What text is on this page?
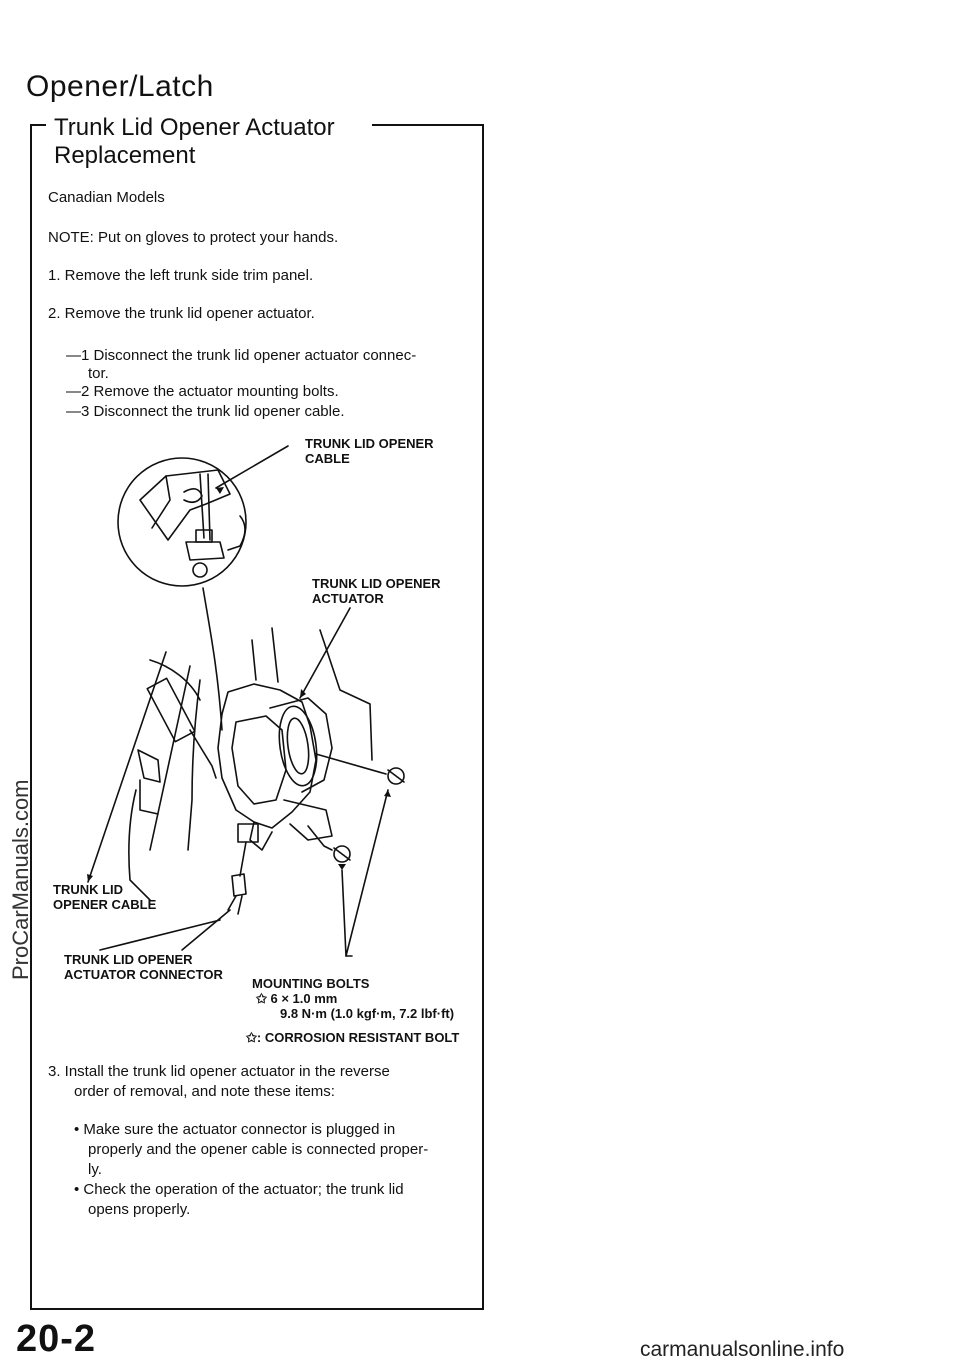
Opener/Latch
Trunk Lid Opener Actuator
Replacement
Canadian Models
NOTE: Put on gloves to protect your hands.
1. Remove the left trunk side trim panel.
2. Remove the trunk lid opener actuator.
—1 Disconnect the trunk lid opener actuator connec-
tor.
—2 Remove the actuator mounting bolts.
—3 Disconnect the trunk lid opener cable.
TRUNK LID OPENER
CABLE
TRUNK LID OPENER
ACTUATOR
TRUNK LID
OPENER CABLE
TRUNK LID OPENER
ACTUATOR CONNECTOR
MOUNTING BOLTS
✩ 6 × 1.0 mm
9.8 N·m (1.0 kgf·m, 7.2 lbf·ft)
✩: CORROSION RESISTANT BOLT
3. Install the trunk lid opener actuator in the reverse
order of removal, and note these items:
• Make sure the actuator connector is plugged in
properly and the opener cable is connected proper-
ly.
• Check the operation of the actuator; the trunk lid
opens properly.
ProCarManuals.com
20-2	carmanualsonline.info
